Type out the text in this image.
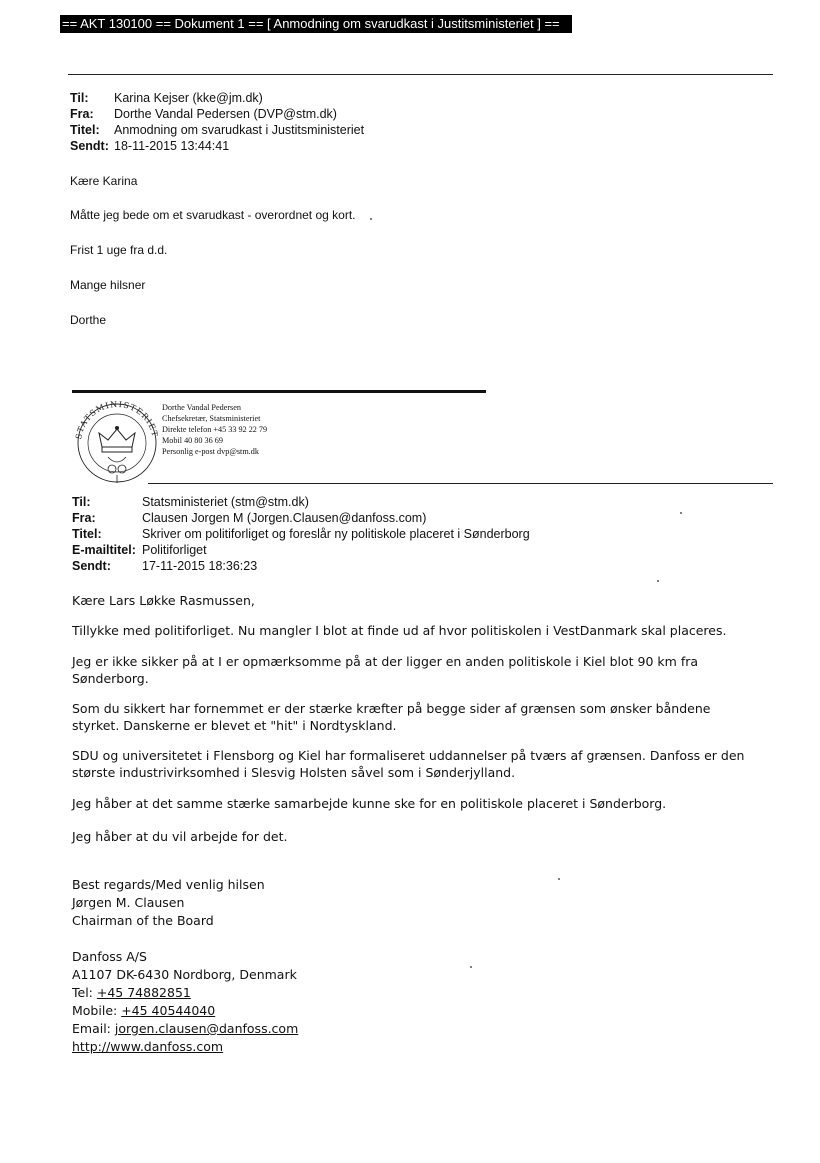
== AKT 130100 == Dokument 1 == [ Anmodning om svarudkast i Justitsministeriet ] ==
Til: Karina Kejser (kke@jm.dk)
Fra: Dorthe Vandal Pedersen (DVP@stm.dk)
Titel: Anmodning om svarudkast i Justitsministeriet
Sendt: 18-11-2015 13:44:41
Kære Karina
Måtte jeg bede om et svarudkast - overordnet og kort.
Frist 1 uge fra d.d.
Mange hilsner
Dorthe
STATSMINISTERIET
Dorthe Vandal Pedersen
Chefsekretær, Statsministeriet
Direkte telefon +45 33 92 22 79
Mobil 40 80 36 69
Personlig e-post dvp@stm.dk
Til:	Statsministeriet (stm@stm.dk)
Fra:	Clausen Jorgen M (Jorgen.Clausen@danfoss.com)
Titel:	Skriver om politiforliget og foreslår ny politiskole placeret i Sønderborg
E-mailtitel: Politiforliget
Sendt: 17-11-2015 18:36:23
Kære Lars Løkke Rasmussen,
Tillykke med politiforliget. Nu mangler I blot at finde ud af hvor politiskolen i VestDanmark skal placeres.
Jeg er ikke sikker på at I er opmærksomme på at der ligger en anden politiskole i Kiel blot 90 km fra
Sønderborg.
Som du sikkert har fornemmet er der stærke kræfter på begge sider af grænsen som ønsker båndene
styrket. Danskerne er blevet et "hit" i Nordtyskland.
SDU og universitetet i Flensborg og Kiel har formaliseret uddannelser på tværs af grænsen. Danfoss er den
største industrivirksomhed i Slesvig Holsten såvel som i Sønderjylland.
Jeg håber at det samme stærke samarbejde kunne ske for en politiskole placeret i Sønderborg.
Jeg håber at du vil arbejde for det.
Best regards/Med venlig hilsen
Jørgen M. Clausen
Chairman of the Board
Danfoss A/S
A1107 DK-6430 Nordborg, Denmark
Tel: +45 74882851
Mobile: +45 40544040
Email: jorgen.clausen@danfoss.com
http://www.danfoss.com
